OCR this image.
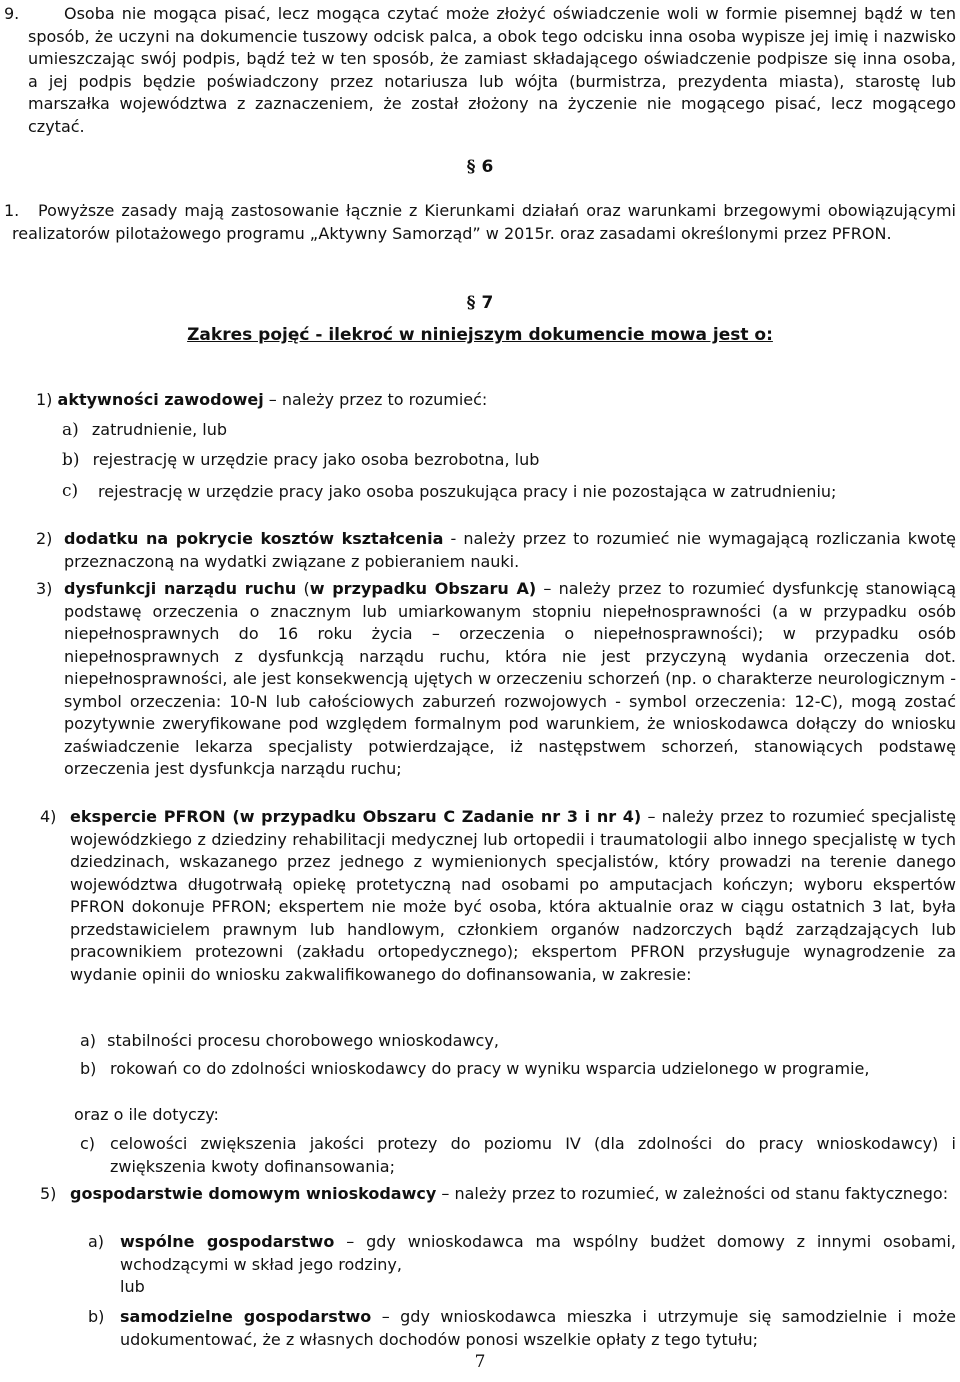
9.	Osoba nie mogąca pisać, lecz mogąca czytać może złożyć oświadczenie woli w formie pisemnej bądź w ten sposób, że uczyni na dokumencie tuszowy odcisk palca, a obok tego odcisku inna osoba wypisze jej imię i nazwisko umieszczając swój podpis, bądź też w ten sposób, że zamiast składającego oświadczenie podpisze się inna osoba, a jej podpis będzie poświadczony przez notariusza lub wójta (burmistrza, prezydenta miasta), starostę lub marszałka województwa z zaznaczeniem, że został złożony na życzenie nie mogącego pisać, lecz mogącego czytać.

§ 6
1.	Powyższe zasady mają zastosowanie łącznie z Kierunkami działań oraz warunkami brzegowymi obowiązującymi realizatorów pilotażowego programu „Aktywny Samorząd” w 2015r. oraz zasadami określonymi przez PFRON.

§ 7
Zakres pojęć - ilekroć w niniejszym dokumencie mowa jest o:
1) aktywności zawodowej – należy przez to rozumieć:
a) zatrudnienie, lub
b) rejestrację w urzędzie pracy jako osoba bezrobotna, lub
c) rejestrację w urzędzie pracy jako osoba poszukująca pracy i nie pozostająca w zatrudnieniu;

2) dodatku na pokrycie kosztów kształcenia - należy przez to rozumieć nie wymagającą rozliczania kwotę przeznaczoną na wydatki związane z pobieraniem nauki.

3) dysfunkcji narządu ruchu (w przypadku Obszaru A) – należy przez to rozumieć dysfunkcję stanowiącą podstawę orzeczenia o znacznym lub umiarkowanym stopniu niepełnosprawności (a w przypadku osób niepełnosprawnych do 16 roku życia – orzeczenia o niepełnosprawności); w przypadku osób niepełnosprawnych z dysfunkcją narządu ruchu, która nie jest przyczyną wydania orzeczenia dot. niepełnosprawności, ale jest konsekwencją ujętych w orzeczeniu schorzeń (np. o charakterze neurologicznym - symbol orzeczenia: 10-N lub całościowych zaburzeń rozwojowych - symbol orzeczenia: 12-C), mogą zostać pozytywnie zweryfikowane pod względem formalnym pod warunkiem, że wnioskodawca dołączy do wniosku zaświadczenie lekarza specjalisty potwierdzające, iż następstwem schorzeń, stanowiących podstawę orzeczenia jest dysfunkcja narządu ruchu;

4) ekspercie PFRON (w przypadku Obszaru C Zadanie nr 3 i nr 4) – należy przez to rozumieć specjalistę wojewódzkiego z dziedziny rehabilitacji medycznej lub ortopedii i traumatologii albo innego specjalistę w tych dziedzinach, wskazanego przez jednego z wymienionych specjalistów, który prowadzi na terenie danego województwa długotrwałą opiekę protetyczną nad osobami po amputacjach kończyn; wyboru ekspertów PFRON dokonuje PFRON; ekspertem nie może być osoba, która aktualnie oraz w ciągu ostatnich 3 lat, była przedstawicielem prawnym lub handlowym, członkiem organów nadzorczych bądź zarządzających lub pracownikiem protezowni (zakładu ortopedycznego); ekspertom PFRON przysługuje wynagrodzenie za wydanie opinii do wniosku zakwalifikowanego do dofinansowania, w zakresie:

a) stabilności procesu chorobowego wnioskodawcy,
b) rokowań co do zdolności wnioskodawcy do pracy w wyniku wsparcia udzielonego w programie,

oraz o ile dotyczy:
c) celowości zwiększenia jakości protezy do poziomu IV (dla zdolności do pracy wnioskodawcy) i zwiększenia kwoty dofinansowania;

5) gospodarstwie domowym wnioskodawcy – należy przez to rozumieć, w zależności od stanu faktycznego:

a) wspólne gospodarstwo – gdy wnioskodawca ma wspólny budżet domowy z innymi osobami, wchodzącymi w skład jego rodziny,

lub
b) samodzielne gospodarstwo – gdy wnioskodawca mieszka i utrzymuje się samodzielnie i może udokumentować, że z własnych dochodów ponosi wszelkie opłaty z tego tytułu;

7
